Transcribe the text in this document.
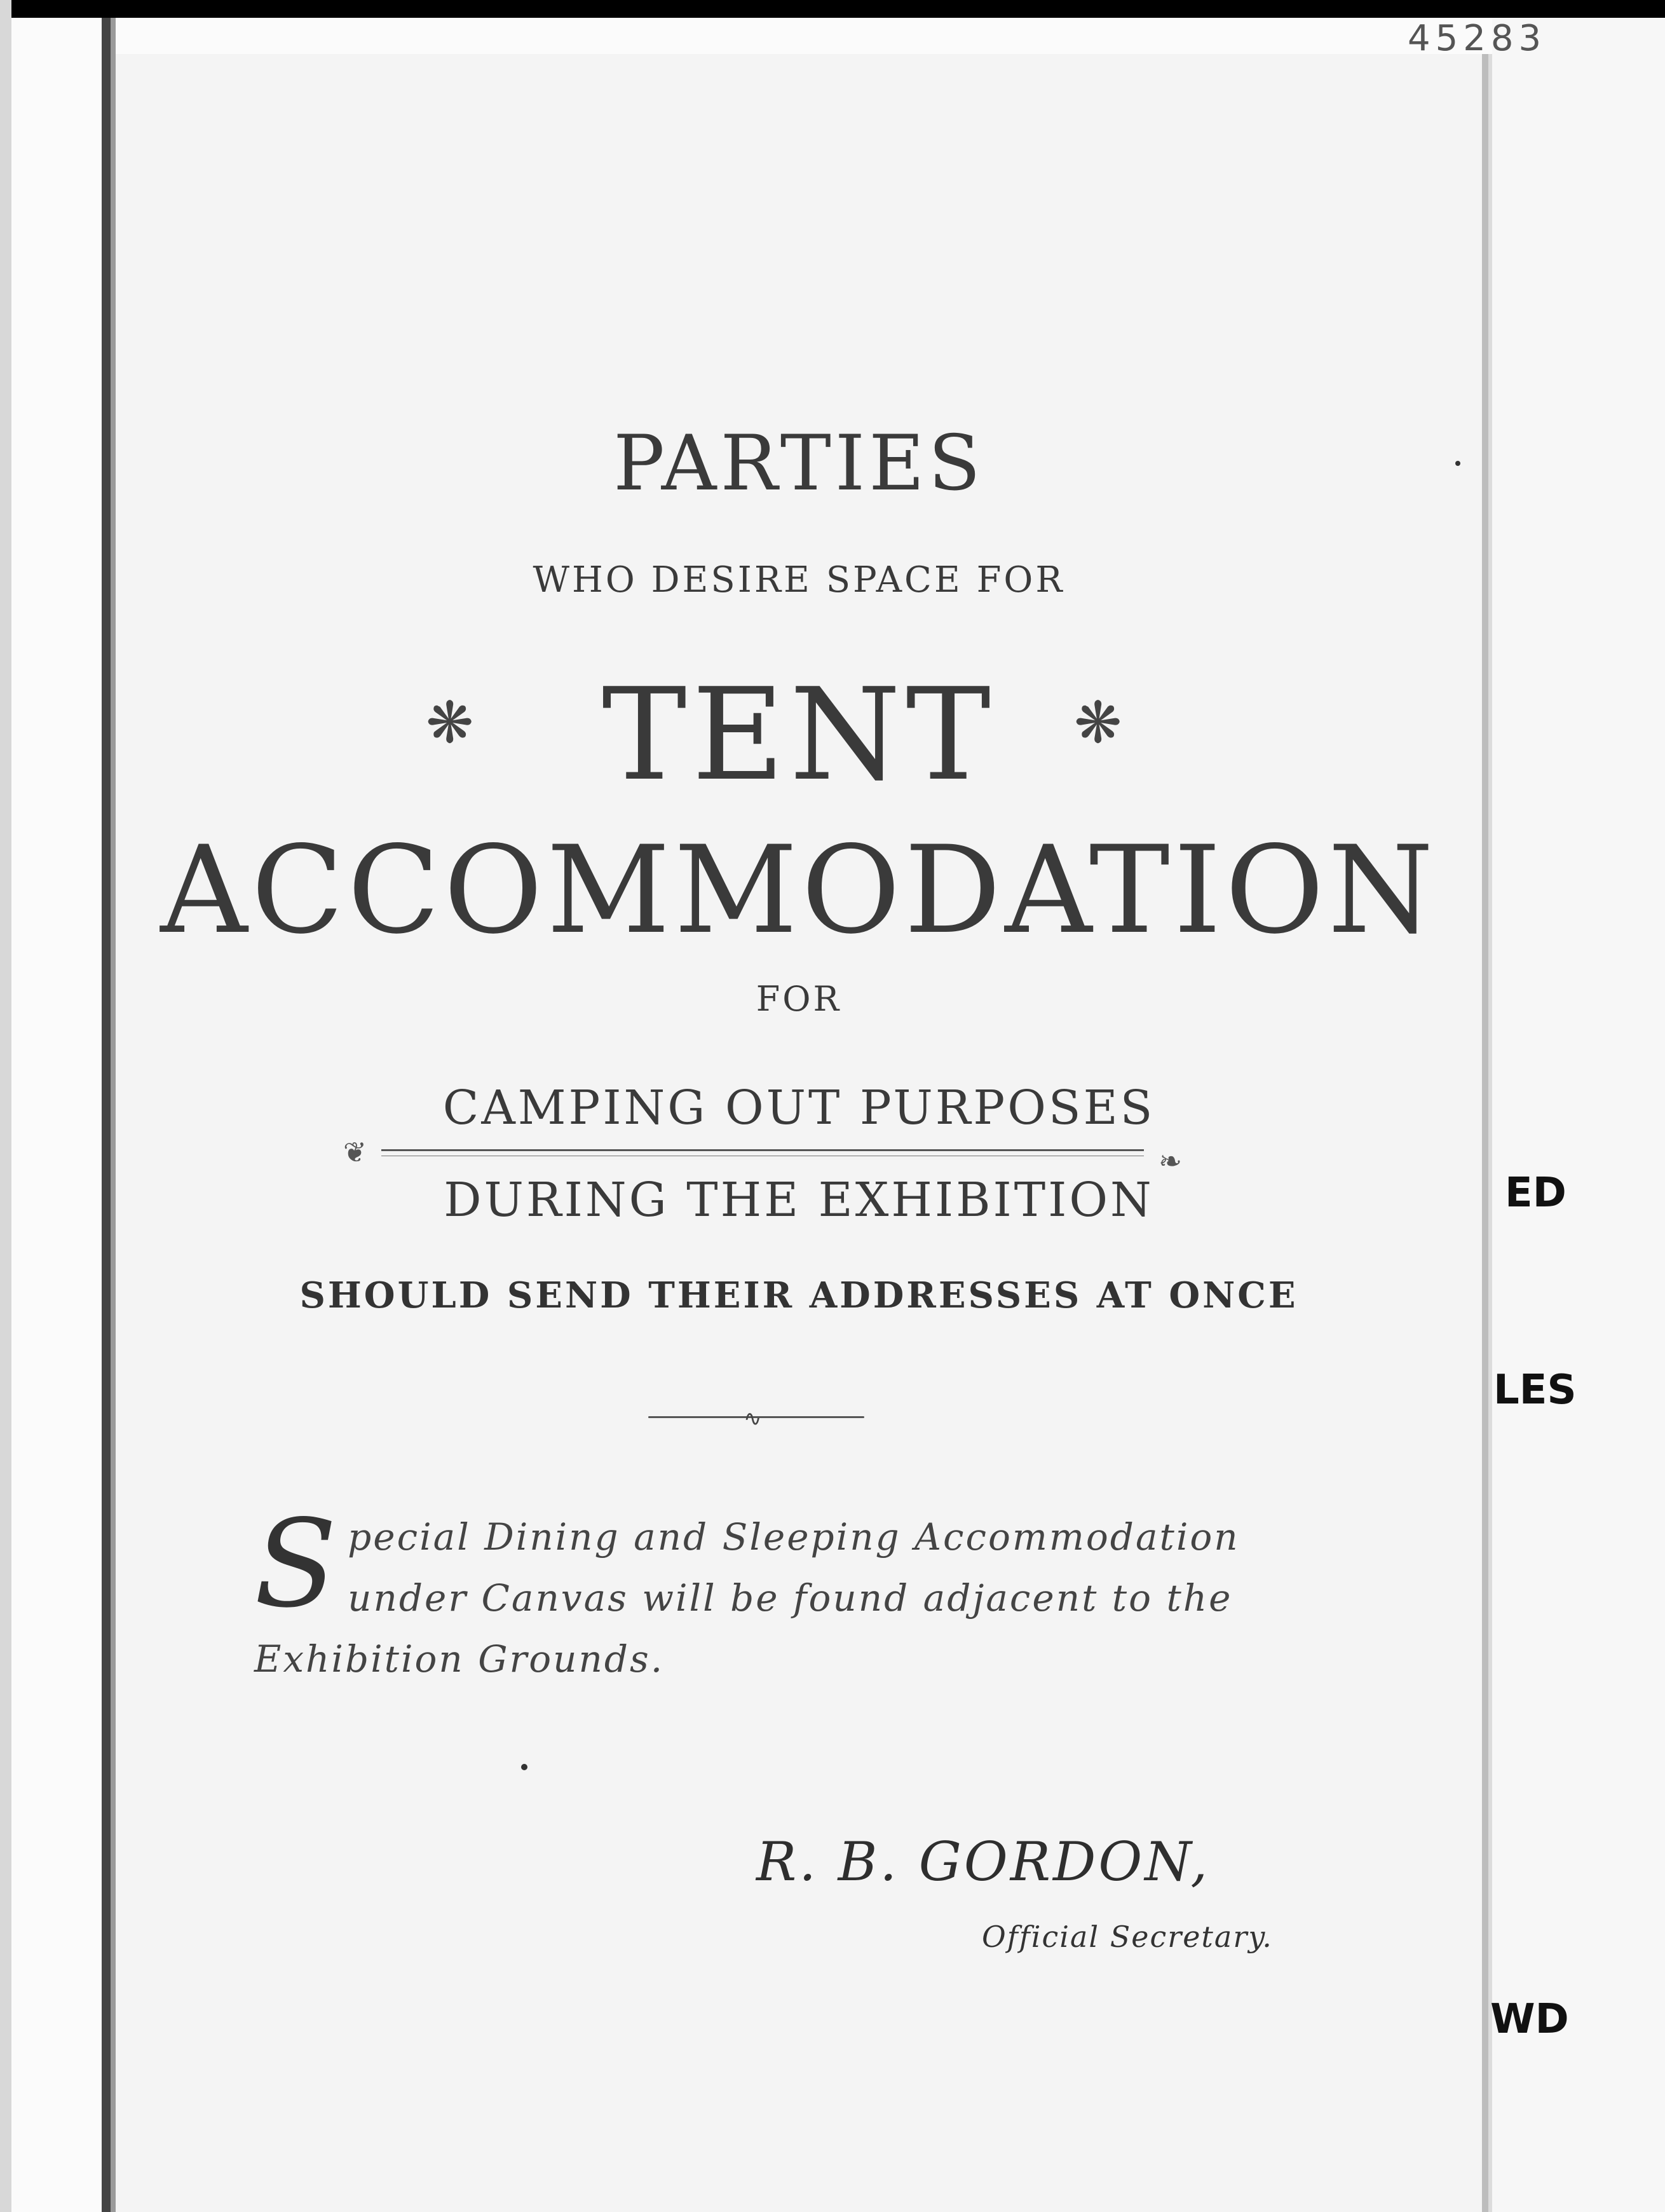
45283
ED
LES
WD
PARTIES
WHO DESIRE SPACE FOR
❋	TENT	❋
ACCOMMODATION
FOR
CAMPING OUT PURPOSES
❦	❧
DURING THE EXHIBITION
SHOULD SEND THEIR ADDRESSES AT ONCE
∿
S pecial Dining and Sleeping Accommodation under Canvas will be found adjacent to the Exhibition Grounds.
R. B. GORDON,
Official Secretary.
